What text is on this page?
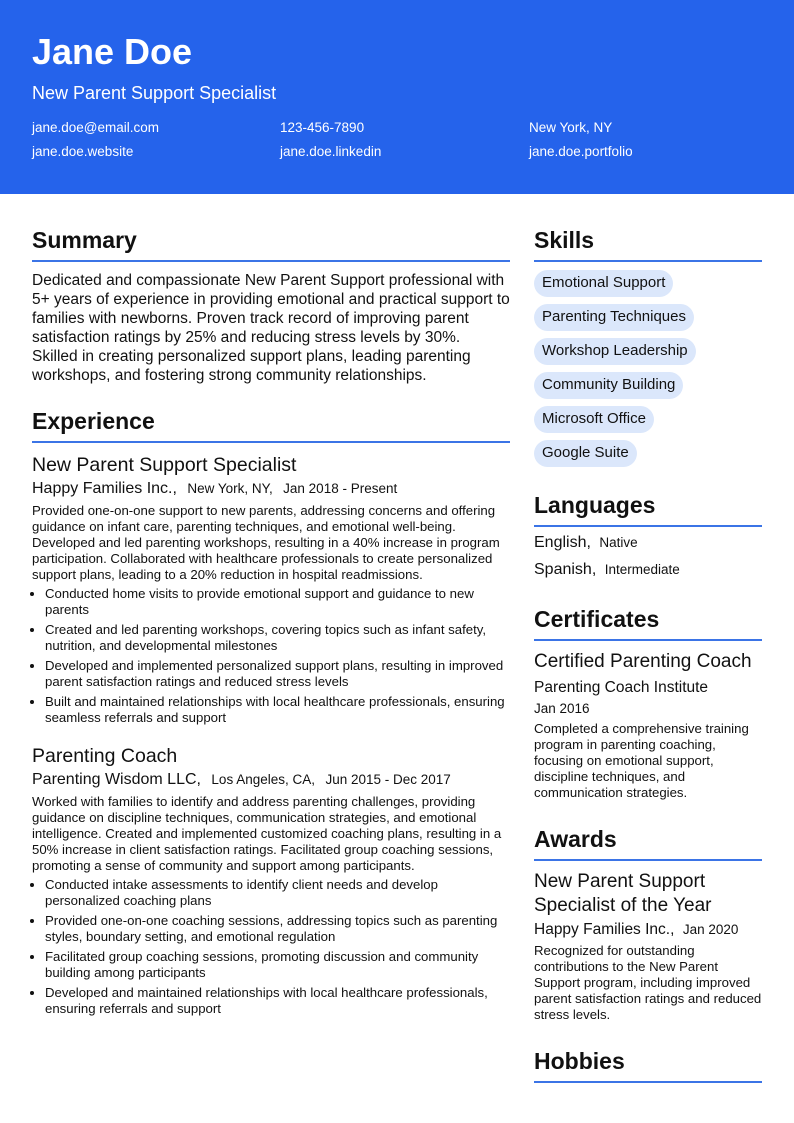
Jane Doe
New Parent Support Specialist
jane.doe@email.com	123-456-7890	New York, NY
jane.doe.website	jane.doe.linkedin	jane.doe.portfolio
Summary
Dedicated and compassionate New Parent Support professional with 5+ years of experience in providing emotional and practical support to families with newborns. Proven track record of improving parent satisfaction ratings by 25% and reducing stress levels by 30%. Skilled in creating personalized support plans, leading parenting workshops, and fostering strong community relationships.
Experience
New Parent Support Specialist
Happy Families Inc., New York, NY, Jan 2018 - Present
Provided one-on-one support to new parents, addressing concerns and offering guidance on infant care, parenting techniques, and emotional well-being. Developed and led parenting workshops, resulting in a 40% increase in program participation. Collaborated with healthcare professionals to create personalized support plans, leading to a 20% reduction in hospital readmissions.
• Conducted home visits to provide emotional support and guidance to new parents
• Created and led parenting workshops, covering topics such as infant safety, nutrition, and developmental milestones
• Developed and implemented personalized support plans, resulting in improved parent satisfaction ratings and reduced stress levels
• Built and maintained relationships with local healthcare professionals, ensuring seamless referrals and support
Parenting Coach
Parenting Wisdom LLC, Los Angeles, CA, Jun 2015 - Dec 2017
Worked with families to identify and address parenting challenges, providing guidance on discipline techniques, communication strategies, and emotional intelligence. Created and implemented customized coaching plans, resulting in a 50% increase in client satisfaction ratings. Facilitated group coaching sessions, promoting a sense of community and support among participants.
• Conducted intake assessments to identify client needs and develop personalized coaching plans
• Provided one-on-one coaching sessions, addressing topics such as parenting styles, boundary setting, and emotional regulation
• Facilitated group coaching sessions, promoting discussion and community building among participants
• Developed and maintained relationships with local healthcare professionals, ensuring referrals and support
Skills
Emotional Support
Parenting Techniques
Workshop Leadership
Community Building
Microsoft Office
Google Suite
Languages
English, Native
Spanish, Intermediate
Certificates
Certified Parenting Coach
Parenting Coach Institute
Jan 2016
Completed a comprehensive training program in parenting coaching, focusing on emotional support, discipline techniques, and communication strategies.
Awards
New Parent Support Specialist of the Year
Happy Families Inc., Jan 2020
Recognized for outstanding contributions to the New Parent Support program, including improved parent satisfaction ratings and reduced stress levels.
Hobbies
